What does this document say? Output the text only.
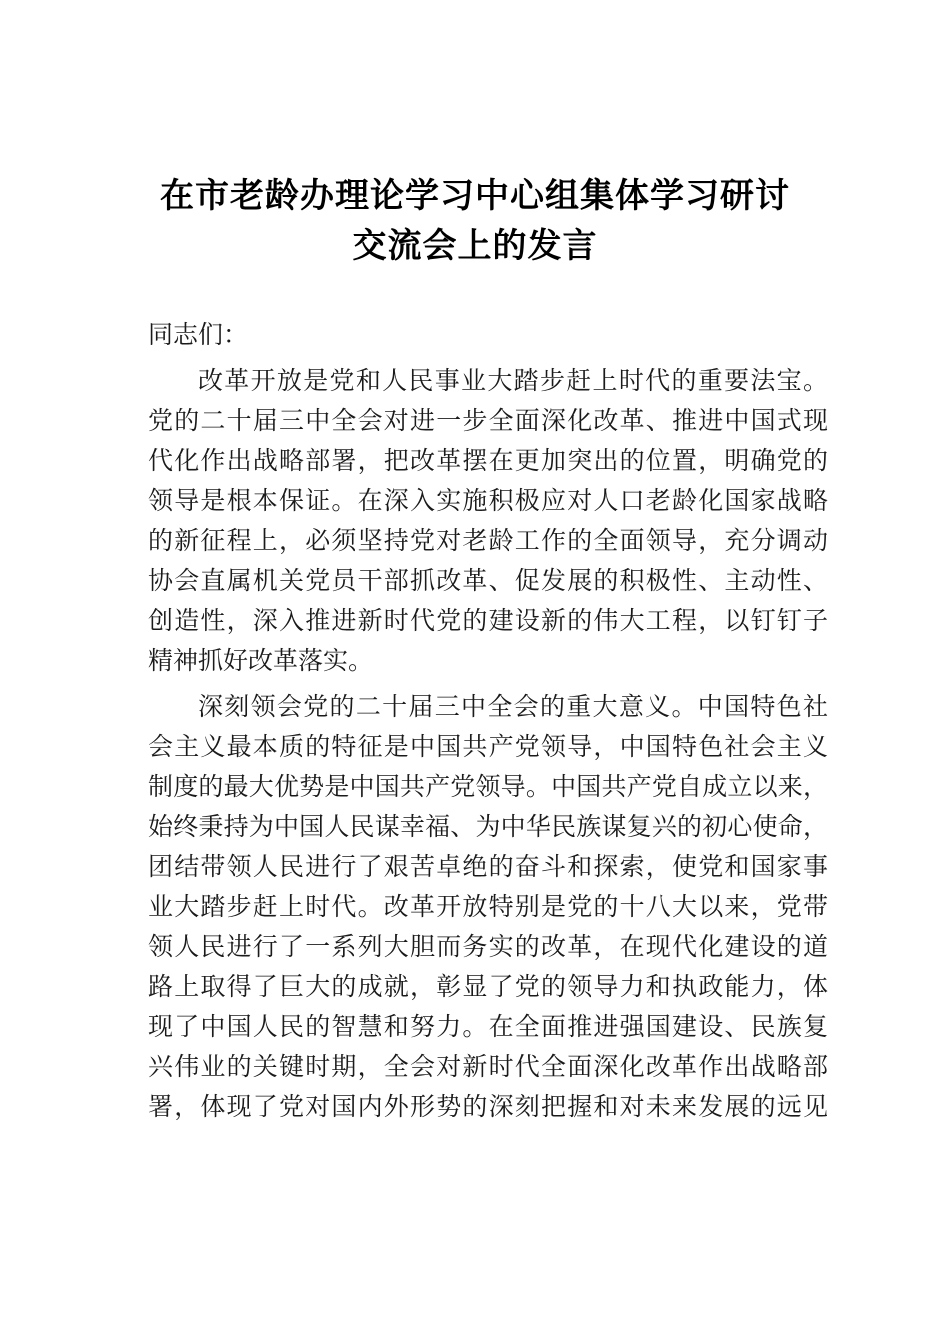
在市老龄办理论学习中心组集体学习研讨
交流会上的发言
同志们：
改革开放是党和人民事业大踏步赶上时代的重要法宝。
党的二十届三中全会对进一步全面深化改革、推进中国式现
代化作出战略部署，把改革摆在更加突出的位置，明确党的
领导是根本保证。在深入实施积极应对人口老龄化国家战略
的新征程上，必须坚持党对老龄工作的全面领导，充分调动
协会直属机关党员干部抓改革、促发展的积极性、主动性、
创造性，深入推进新时代党的建设新的伟大工程，以钉钉子
精神抓好改革落实。
深刻领会党的二十届三中全会的重大意义。中国特色社
会主义最本质的特征是中国共产党领导，中国特色社会主义
制度的最大优势是中国共产党领导。中国共产党自成立以来，
始终秉持为中国人民谋幸福、为中华民族谋复兴的初心使命，
团结带领人民进行了艰苦卓绝的奋斗和探索，使党和国家事
业大踏步赶上时代。改革开放特别是党的十八大以来，党带
领人民进行了一系列大胆而务实的改革，在现代化建设的道
路上取得了巨大的成就，彰显了党的领导力和执政能力，体
现了中国人民的智慧和努力。在全面推进强国建设、民族复
兴伟业的关键时期，全会对新时代全面深化改革作出战略部
署，体现了党对国内外形势的深刻把握和对未来发展的远见
